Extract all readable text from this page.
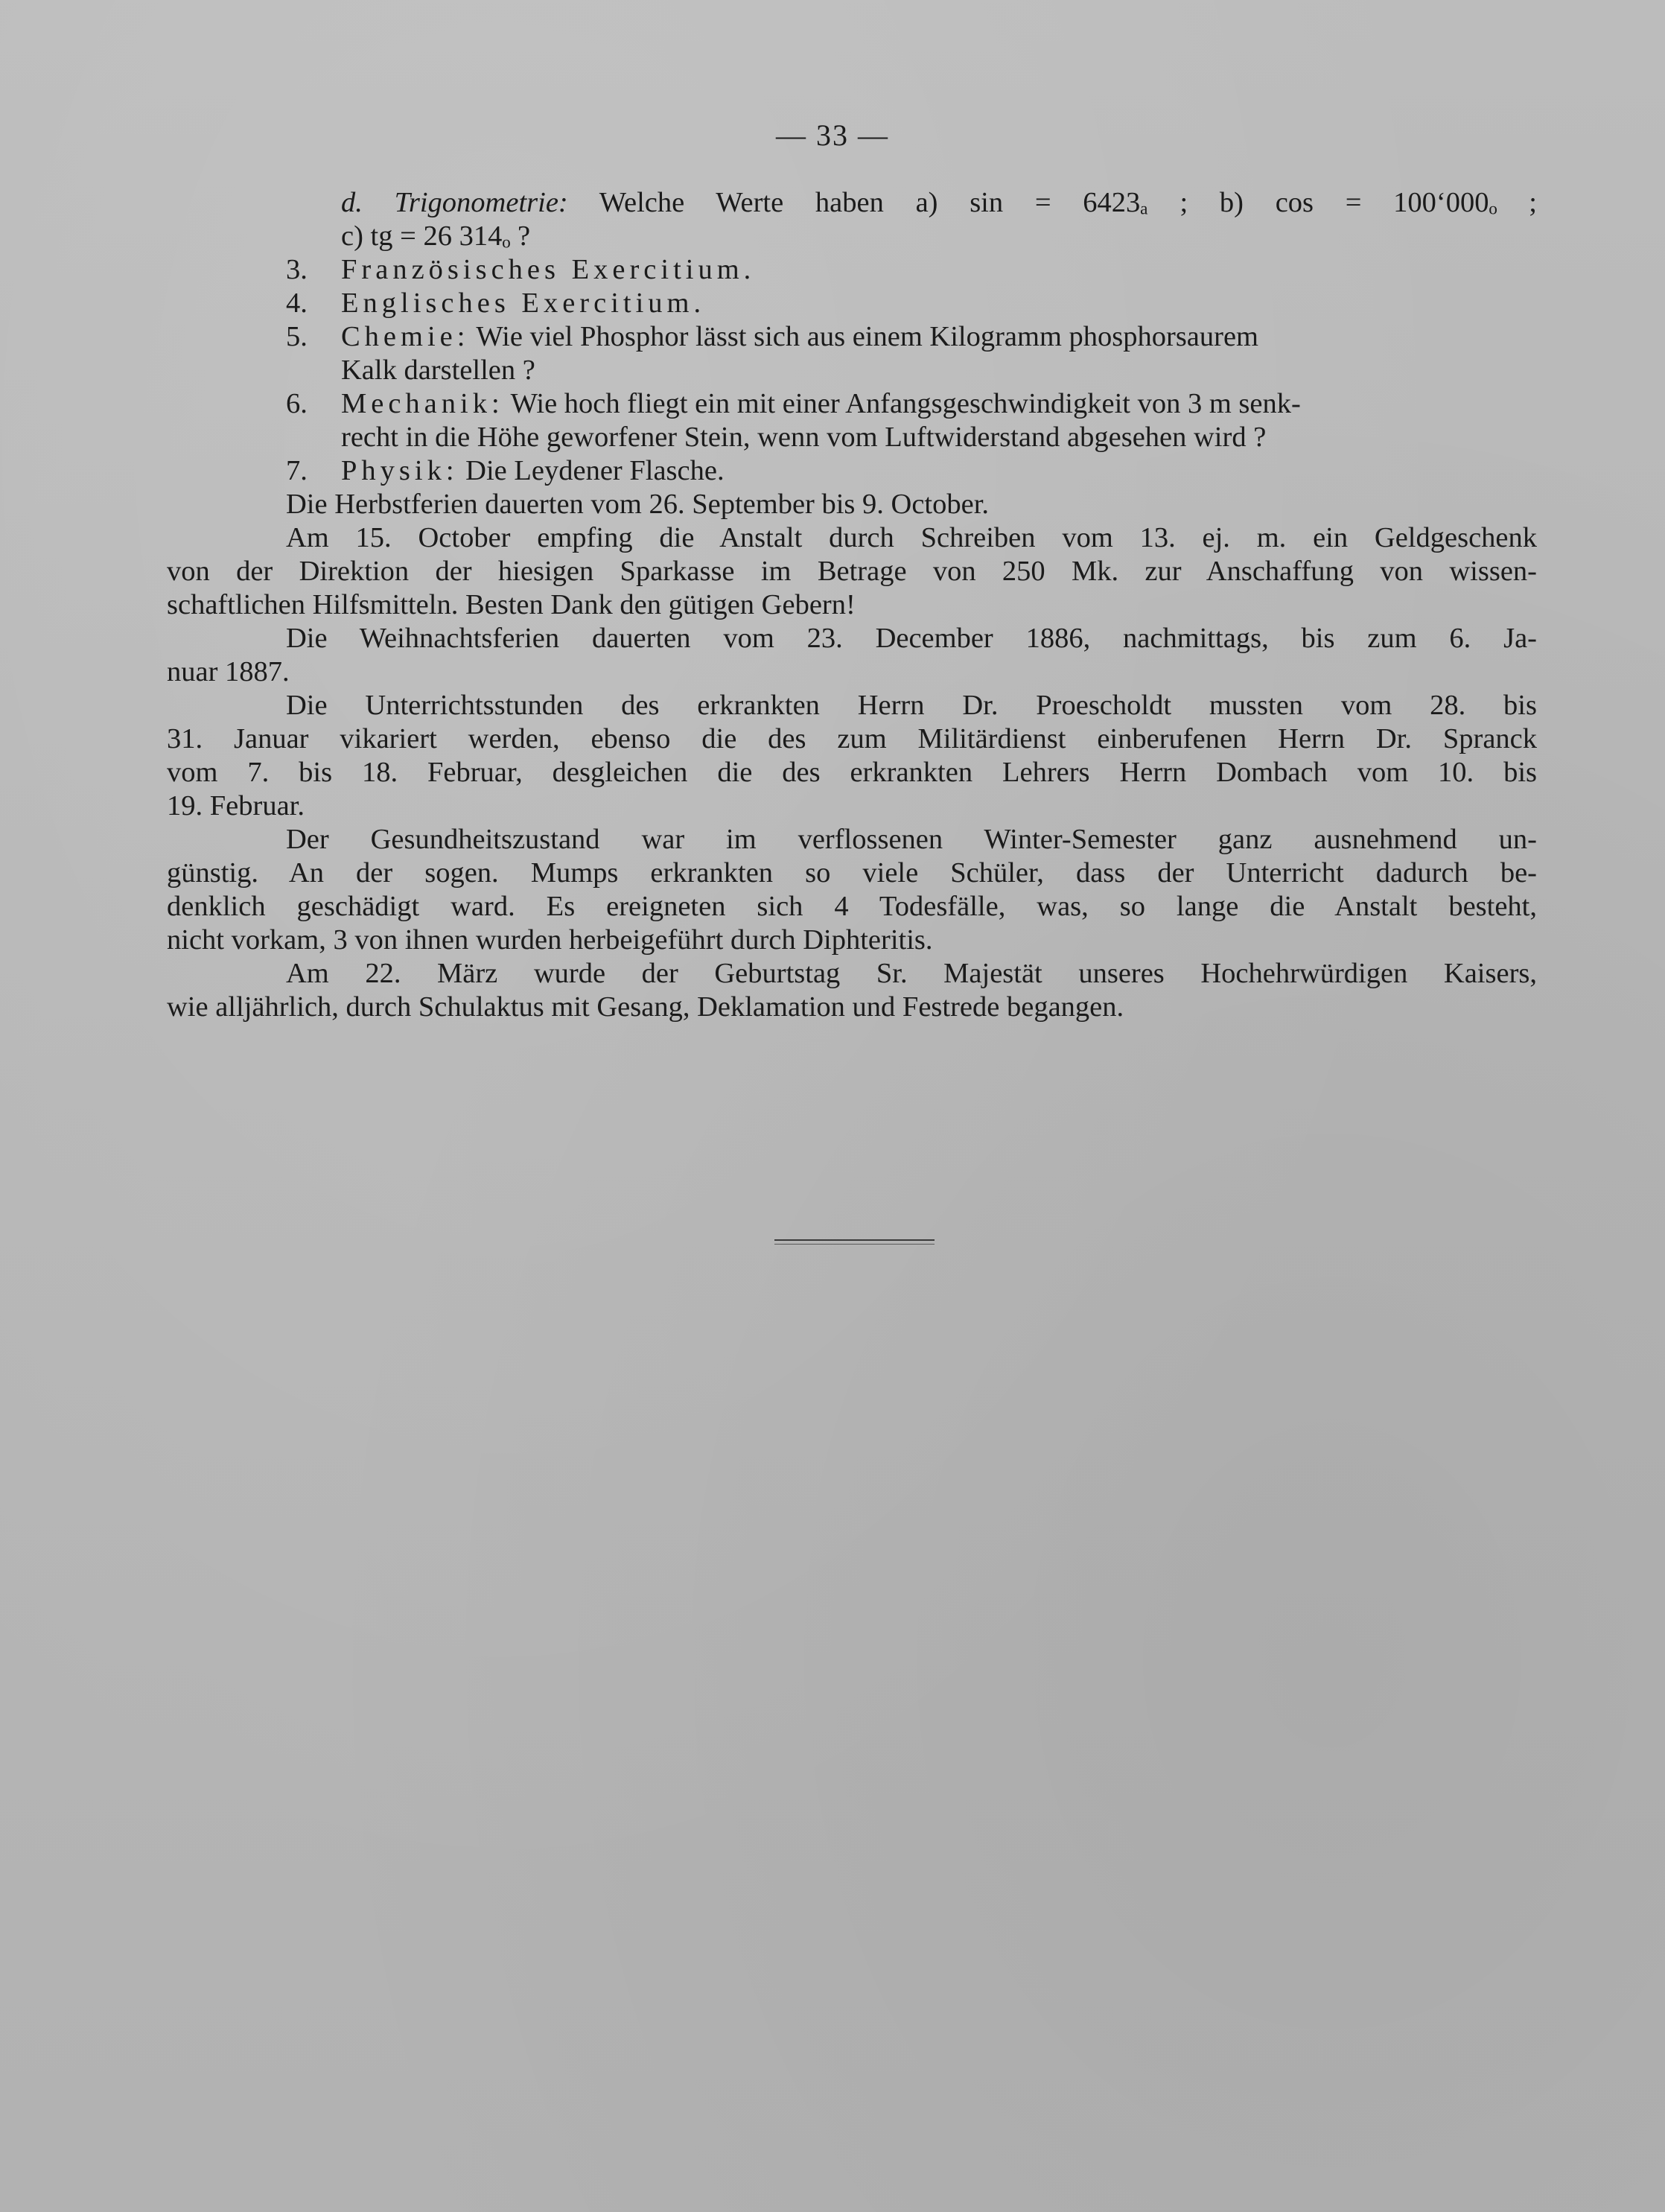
— 33 —
d. Trigonometrie: Welche Werte haben a) sin = 6423ₐ ; b) cos = 100‘000ₒ ;
c) tg = 26 314ₒ ?
3. Französisches Exercitium.
4. Englisches Exercitium.
5. Chemie: Wie viel Phosphor lässt sich aus einem Kilogramm phosphorsaurem
Kalk darstellen ?
6. Mechanik: Wie hoch fliegt ein mit einer Anfangsgeschwindigkeit von 3 m senk-
recht in die Höhe geworfener Stein, wenn vom Luftwiderstand abgesehen wird ?
7. Physik: Die Leydener Flasche.
Die Herbstferien dauerten vom 26. September bis 9. October.
Am 15. October empfing die Anstalt durch Schreiben vom 13. ej. m. ein Geldgeschenk
von der Direktion der hiesigen Sparkasse im Betrage von 250 Mk. zur Anschaffung von wissen-
schaftlichen Hilfsmitteln. Besten Dank den gütigen Gebern!
Die Weihnachtsferien dauerten vom 23. December 1886, nachmittags, bis zum 6. Ja-
nuar 1887.
Die Unterrichtsstunden des erkrankten Herrn Dr. Proescholdt mussten vom 28. bis
31. Januar vikariert werden, ebenso die des zum Militärdienst einberufenen Herrn Dr. Spranck
vom 7. bis 18. Februar, desgleichen die des erkrankten Lehrers Herrn Dombach vom 10. bis
19. Februar.
Der Gesundheitszustand war im verflossenen Winter-Semester ganz ausnehmend un-
günstig. An der sogen. Mumps erkrankten so viele Schüler, dass der Unterricht dadurch be-
denklich geschädigt ward. Es ereigneten sich 4 Todesfälle, was, so lange die Anstalt besteht,
nicht vorkam, 3 von ihnen wurden herbeigeführt durch Diphteritis.
Am 22. März wurde der Geburtstag Sr. Majestät unseres Hochehrwürdigen Kaisers,
wie alljährlich, durch Schulaktus mit Gesang, Deklamation und Festrede begangen.
